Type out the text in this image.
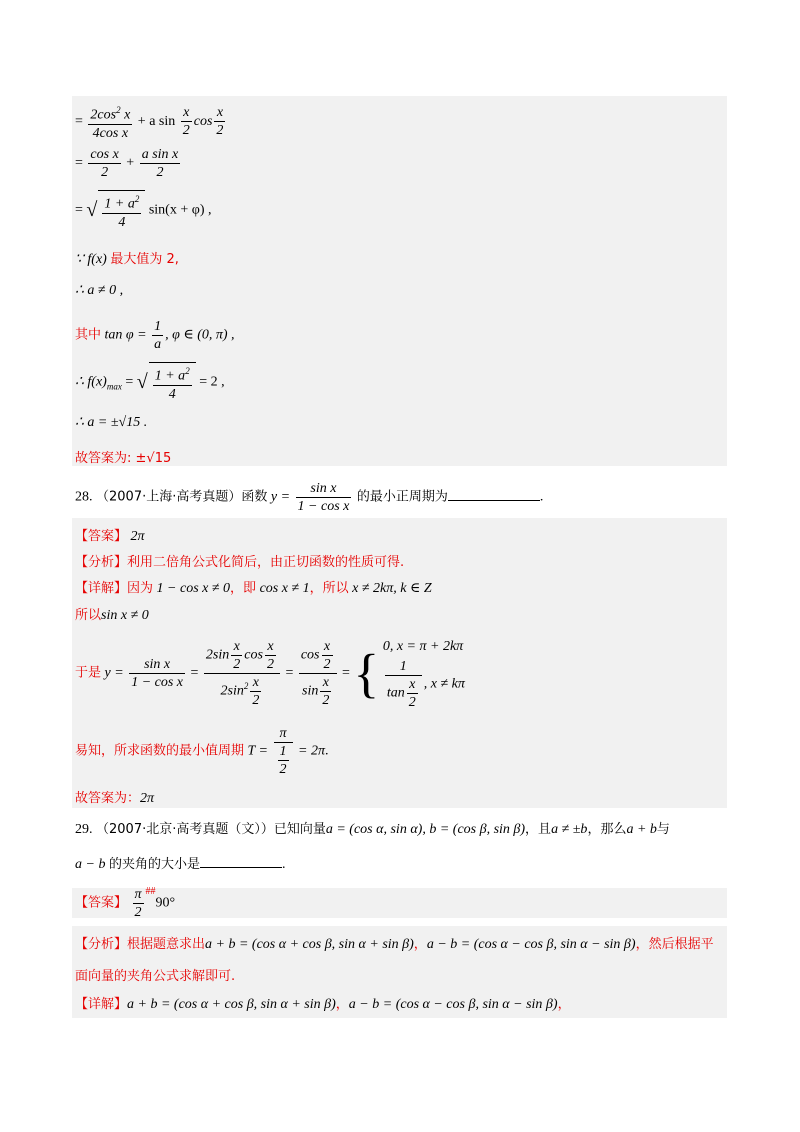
= $\frac{2\cos^2 x}{\text{4cos x}} + a$ $\sin \frac{x}{2}$ $\cos \frac{x}{2}$
= $\frac{\text{cos x}}{2} + \frac{\text{a sin x}}{2}$
= √ $\frac{1 + a^2}{4} \sin(x + \varphi)$ ,
∵ f(x) 最大值为 2,
∴ a ≠ 0 ,
其中 $\tan \varphi = \frac{1}{a}$ , φ ∈ (0, π) ,
∴ $f(x)_{max}$ = √ $\frac{1 + a^2}{4} = 2$ ,
∴ a = ±√15 .
故答案为: ±√15
28. （2007·上海·高考真题）函数 $y = \frac{\text{sin x}}{\text{1 − cos x}}$ 的最小正周期为	.
【答案】 2π
【分析】利用二倍角公式化简后，由正切函数的性质可得.
【详解】因为 1 − cos x ≠ 0，即 cos x ≠ 1，所以 x ≠ 2kπ, k ∈ Z
所以sin x ≠ 0
于是 $y = \frac{\text{sin x}}{\text{1 − cos x}} = \frac{2\sin \frac{x}{2} \cos \frac{x}{2}}{2\sin^2 \frac{x}{2}} = \frac{\cos \frac{x}{2}}{\sin \frac{x}{2}}$ = { 0, x = π + 2kπ
$\frac{1}{\tan \frac{x}{2}}$ , x ≠ kπ
易知，所求函数的最小值周期 $T = \frac{\pi}{\frac{1}{2}} = 2\pi$.
故答案为：2π
29. （2007·北京·高考真题（文））已知向量a = (cos α, sin α), b = (cos β, sin β)，且a ≠ ±b，那么a + b与
a − b 的夹角的大小是	.
【答案】 $\frac{\pi}{2} ^{\#\#}90^\circ$
【分析】根据题意求出a + b = (cos α + cos β, sin α + sin β)，a − b = (cos α − cos β, sin α − sin β)，然后根据平
面向量的夹角公式求解即可.
【详解】a + b = (cos α + cos β, sin α + sin β)，a − b = (cos α − cos β, sin α − sin β)，
